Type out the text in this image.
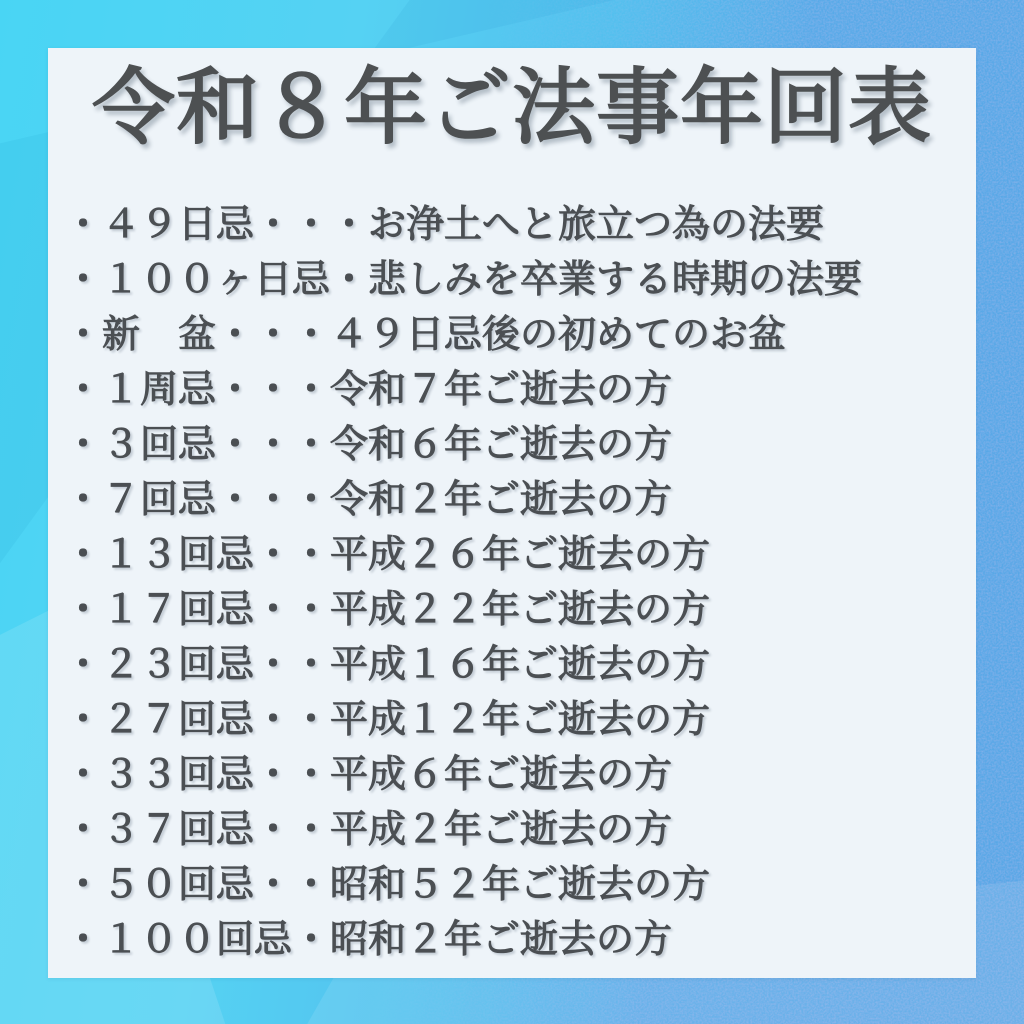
令和８年ご法事年回表
・４９日忌・・・お浄土へと旅立つ為の法要
・１００ヶ日忌・悲しみを卒業する時期の法要
・新　盆・・・４９日忌後の初めてのお盆
・１周忌・・・令和７年ご逝去の方
・３回忌・・・令和６年ご逝去の方
・７回忌・・・令和２年ご逝去の方
・１３回忌・・平成２６年ご逝去の方
・１７回忌・・平成２２年ご逝去の方
・２３回忌・・平成１６年ご逝去の方
・２７回忌・・平成１２年ご逝去の方
・３３回忌・・平成６年ご逝去の方
・３７回忌・・平成２年ご逝去の方
・５０回忌・・昭和５２年ご逝去の方
・１００回忌・昭和２年ご逝去の方
